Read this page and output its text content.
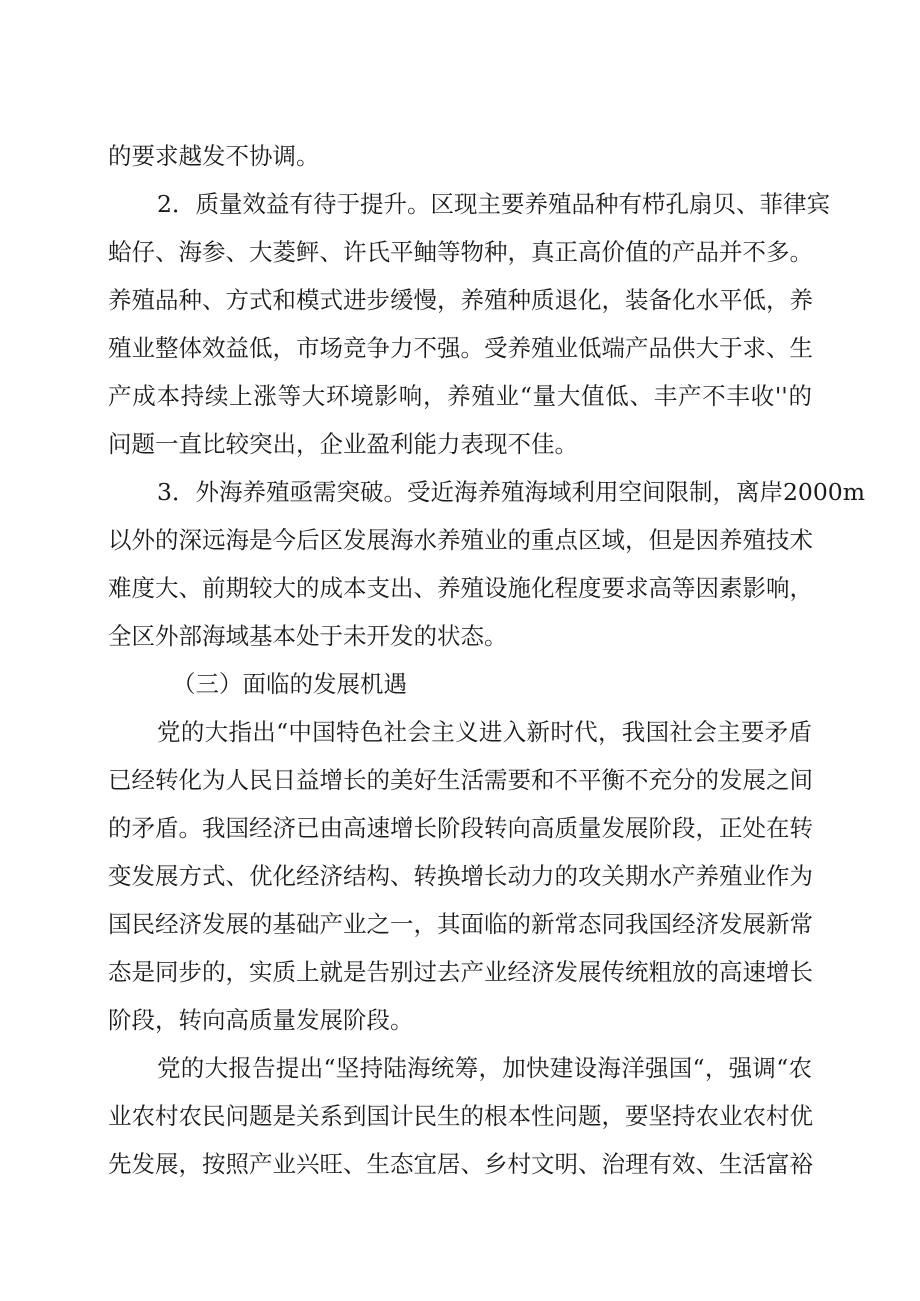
的要求越发不协调。
2．质量效益有待于提升。区现主要养殖品种有栉孔扇贝、菲律宾
蛤仔、海参、大菱鲆、许氏平鲉等物种，真正高价值的产品并不多。
养殖品种、方式和模式进步缓慢，养殖种质退化，装备化水平低，养
殖业整体效益低，市场竞争力不强。受养殖业低端产品供大于求、生
产成本持续上涨等大环境影响，养殖业“量大值低、丰产不丰收''的
问题一直比较突出，企业盈利能力表现不佳。
3．外海养殖亟需突破。受近海养殖海域利用空间限制，离岸2000m
以外的深远海是今后区发展海水养殖业的重点区域，但是因养殖技术
难度大、前期较大的成本支出、养殖设施化程度要求高等因素影响，
全区外部海域基本处于未开发的状态。
（三）面临的发展机遇
党的大指出“中国特色社会主义进入新时代，我国社会主要矛盾
已经转化为人民日益增长的美好生活需要和不平衡不充分的发展之间
的矛盾。我国经济已由高速增长阶段转向高质量发展阶段，正处在转
变发展方式、优化经济结构、转换增长动力的攻关期水产养殖业作为
国民经济发展的基础产业之一，其面临的新常态同我国经济发展新常
态是同步的，实质上就是告别过去产业经济发展传统粗放的高速增长
阶段，转向高质量发展阶段。
党的大报告提出“坚持陆海统筹，加快建设海洋强国“，强调“农
业农村农民问题是关系到国计民生的根本性问题，要坚持农业农村优
先发展，按照产业兴旺、生态宜居、乡村文明、治理有效、生活富裕
